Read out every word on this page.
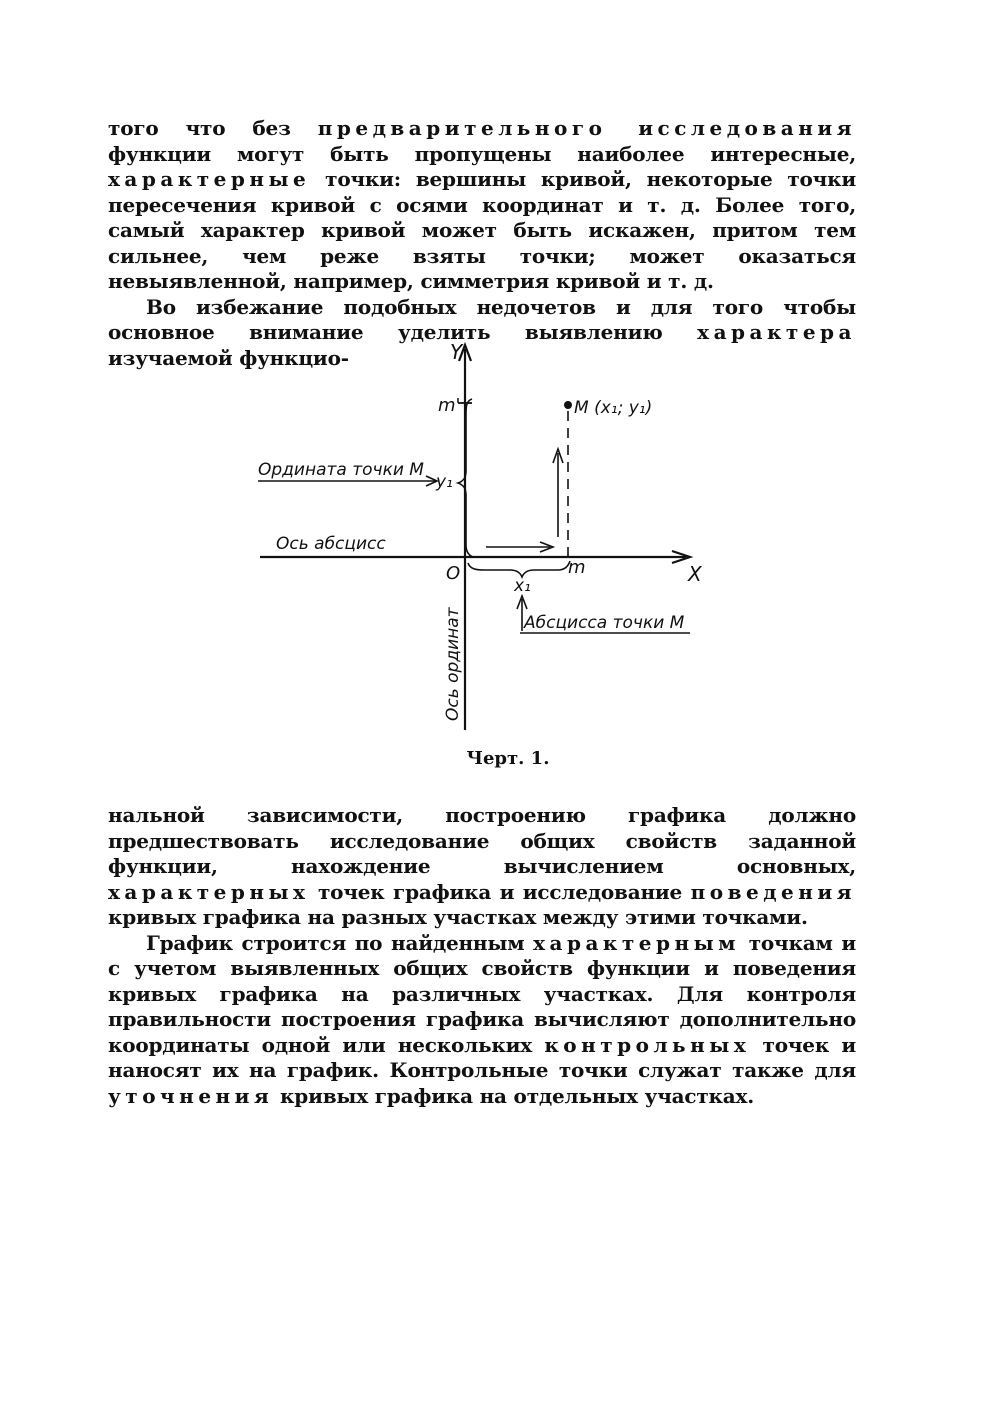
того что без предварительного исследования функции могут быть пропущены наиболее интересные, характерные точки: вершины кривой, некоторые точки пересечения кривой с осями координат и т. д. Более того, самый характер кривой может быть искажен, притом тем сильнее, чем реже взяты точки; может оказаться невыявленной, например, симметрия кривой и т. д.

Во избежание подобных недочетов и для того чтобы основное внимание уделить выявлению характера изучаемой функцио-

Ось абсцисс
Ордината точки M
y₁
m'	M (x₁; y₁)
O	m	X
Y
x₁
Абсцисса точки M
Ось ординат
Черт. 1.

нальной зависимости, построению графика должно предшествовать исследование общих свойств заданной функции, нахождение вычислением основных, характерных точек графика и исследование поведения кривых графика на разных участках между этими точками.

График строится по найденным характерным точкам и с учетом выявленных общих свойств функции и поведения кривых графика на различных участках. Для контроля правильности построения графика вычисляют дополнительно координаты одной или нескольких контрольных точек и наносят их на график. Контрольные точки служат также для уточнения кривых графика на отдельных участках.
